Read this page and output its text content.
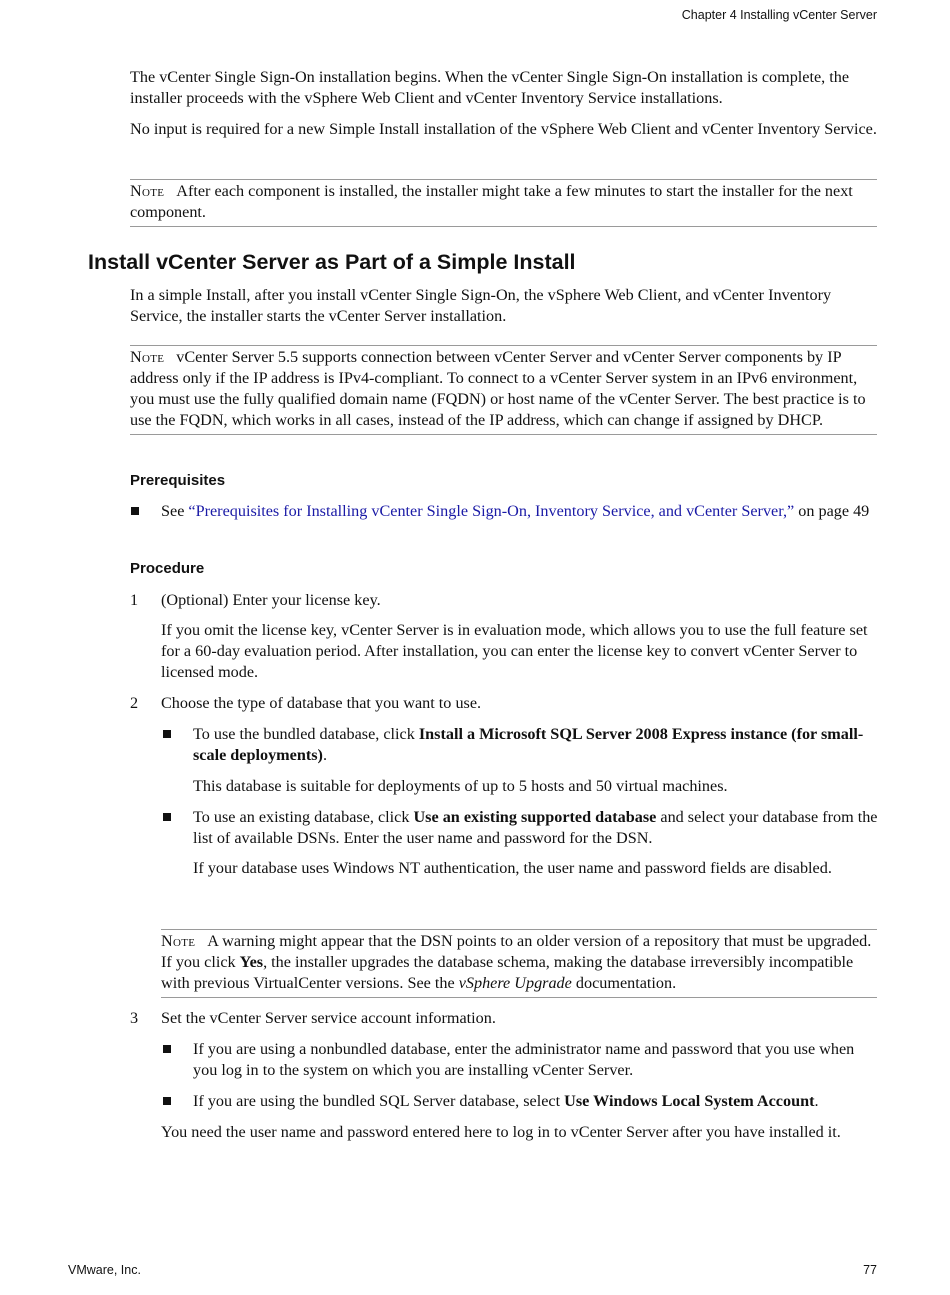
Chapter 4 Installing vCenter Server

The vCenter Single Sign-On installation begins. When the vCenter Single Sign-On installation is complete, the installer proceeds with the vSphere Web Client and vCenter Inventory Service installations.

No input is required for a new Simple Install installation of the vSphere Web Client and vCenter Inventory Service.

Note After each component is installed, the installer might take a few minutes to start the installer for the next component.
Install vCenter Server as Part of a Simple Install

In a simple Install, after you install vCenter Single Sign-On, the vSphere Web Client, and vCenter Inventory Service, the installer starts the vCenter Server installation.

Note vCenter Server 5.5 supports connection between vCenter Server and vCenter Server components by IP address only if the IP address is IPv4-compliant. To connect to a vCenter Server system in an IPv6 environment, you must use the fully qualified domain name (FQDN) or host name of the vCenter Server. The best practice is to use the FQDN, which works in all cases, instead of the IP address, which can change if assigned by DHCP.
Prerequisites

See “Prerequisites for Installing vCenter Single Sign-On, Inventory Service, and vCenter Server,” on page 49

Procedure
1 (Optional) Enter your license key.

If you omit the license key, vCenter Server is in evaluation mode, which allows you to use the full feature set for a 60-day evaluation period. After installation, you can enter the license key to convert vCenter Server to licensed mode.

2 Choose the type of database that you want to use.

To use the bundled database, click Install a Microsoft SQL Server 2008 Express instance (for small-scale deployments).

This database is suitable for deployments of up to 5 hosts and 50 virtual machines.

To use an existing database, click Use an existing supported database and select your database from the list of available DSNs. Enter the user name and password for the DSN.

If your database uses Windows NT authentication, the user name and password fields are disabled.

Note A warning might appear that the DSN points to an older version of a repository that must be upgraded. If you click Yes, the installer upgrades the database schema, making the database irreversibly incompatible with previous VirtualCenter versions. See the vSphere Upgrade documentation.
3 Set the vCenter Server service account information.

If you are using a nonbundled database, enter the administrator name and password that you use when you log in to the system on which you are installing vCenter Server.

If you are using the bundled SQL Server database, select Use Windows Local System Account.

You need the user name and password entered here to log in to vCenter Server after you have installed it.

VMware, Inc.	77
